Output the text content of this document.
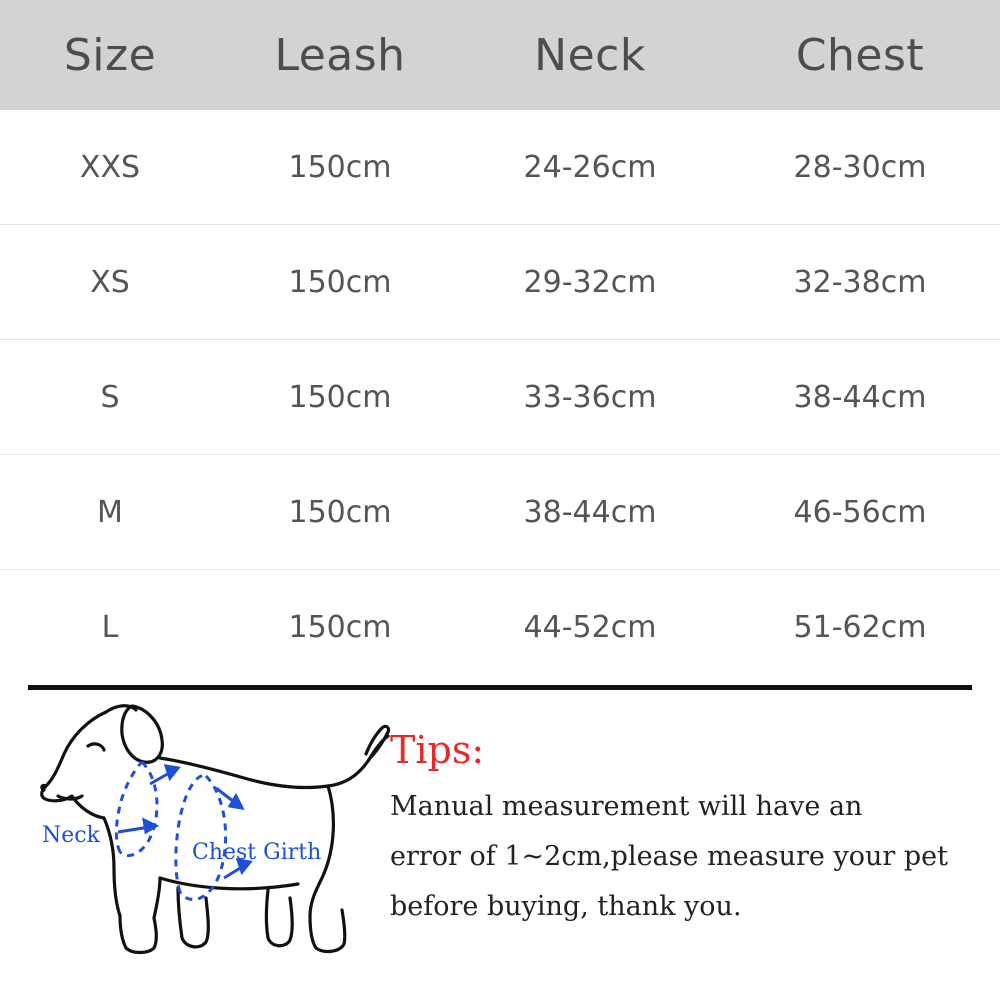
Size	Leash	Neck	Chest
XXS	150cm	24-26cm	28-30cm
XS	150cm	29-32cm	32-38cm
S	150cm	33-36cm	38-44cm
M	150cm	38-44cm	46-56cm
L	150cm	44-52cm	51-62cm
Neck
Chest Girth
Tips:
Manual measurement will have an
error of 1~2cm,please measure your pet
before buying, thank you.
